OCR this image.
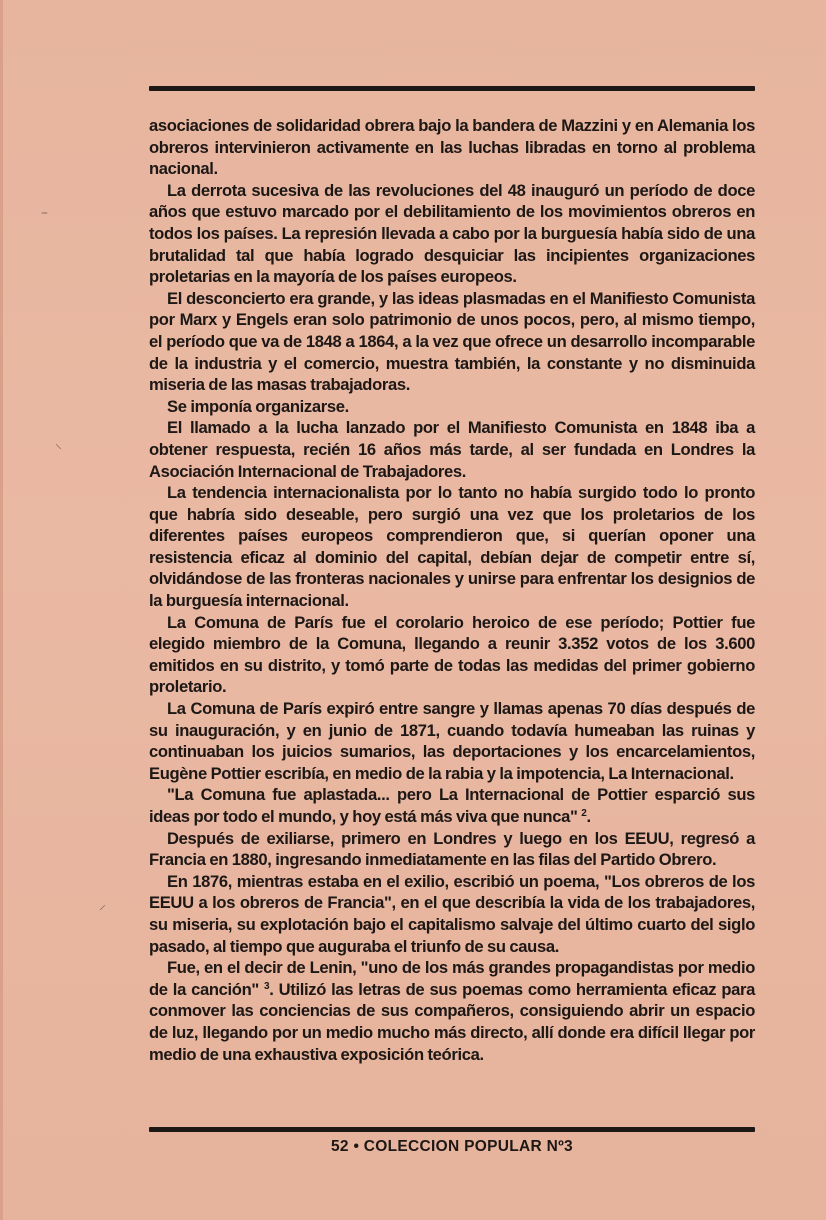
asociaciones de solidaridad obrera bajo la bandera de Mazzini y en Alemania los obreros intervinieron activamente en las luchas libradas en torno al problema nacional.

La derrota sucesiva de las revoluciones del 48 inauguró un período de doce años que estuvo marcado por el debilitamiento de los movimientos obreros en todos los países. La represión llevada a cabo por la burguesía había sido de una brutalidad tal que había logrado desquiciar las incipientes organizaciones proletarias en la mayoría de los países europeos.

El desconcierto era grande, y las ideas plasmadas en el Manifiesto Comunista por Marx y Engels eran solo patrimonio de unos pocos, pero, al mismo tiempo, el período que va de 1848 a 1864, a la vez que ofrece un desarrollo incomparable de la industria y el comercio, muestra también, la constante y no disminuida miseria de las masas trabajadoras.

Se imponía organizarse.

El llamado a la lucha lanzado por el Manifiesto Comunista en 1848 iba a obtener respuesta, recién 16 años más tarde, al ser fundada en Londres la Asociación Internacional de Trabajadores.

La tendencia internacionalista por lo tanto no había surgido todo lo pronto que habría sido deseable, pero surgió una vez que los proletarios de los diferentes países europeos comprendieron que, si querían oponer una resistencia eficaz al dominio del capital, debían dejar de competir entre sí, olvidándose de las fronteras nacionales y unirse para enfrentar los designios de la burguesía internacional.

La Comuna de París fue el corolario heroico de ese período; Pottier fue elegido miembro de la Comuna, llegando a reunir 3.352 votos de los 3.600 emitidos en su distrito, y tomó parte de todas las medidas del primer gobierno proletario.

La Comuna de París expiró entre sangre y llamas apenas 70 días después de su inauguración, y en junio de 1871, cuando todavía humeaban las ruinas y continuaban los juicios sumarios, las deportaciones y los encarcelamientos, Eugène Pottier escribía, en medio de la rabia y la impotencia, La Internacional.

"La Comuna fue aplastada... pero La Internacional de Pottier esparció sus ideas por todo el mundo, y hoy está más viva que nunca" $^2$.

Después de exiliarse, primero en Londres y luego en los EEUU, regresó a Francia en 1880, ingresando inmediatamente en las filas del Partido Obrero.

En 1876, mientras estaba en el exilio, escribió un poema, "Los obreros de los EEUU a los obreros de Francia", en el que describía la vida de los trabajadores, su miseria, su explotación bajo el capitalismo salvaje del último cuarto del siglo pasado, al tiempo que auguraba el triunfo de su causa.

Fue, en el decir de Lenin, "uno de los más grandes propagandistas por medio de la canción" $^3$. Utilizó las letras de sus poemas como herramienta eficaz para conmover las conciencias de sus compañeros, consiguiendo abrir un espacio de luz, llegando por un medio mucho más directo, allí donde era difícil llegar por medio de una exhaustiva exposición teórica.

52 • COLECCION POPULAR Nº3
–
⸌
⸝
